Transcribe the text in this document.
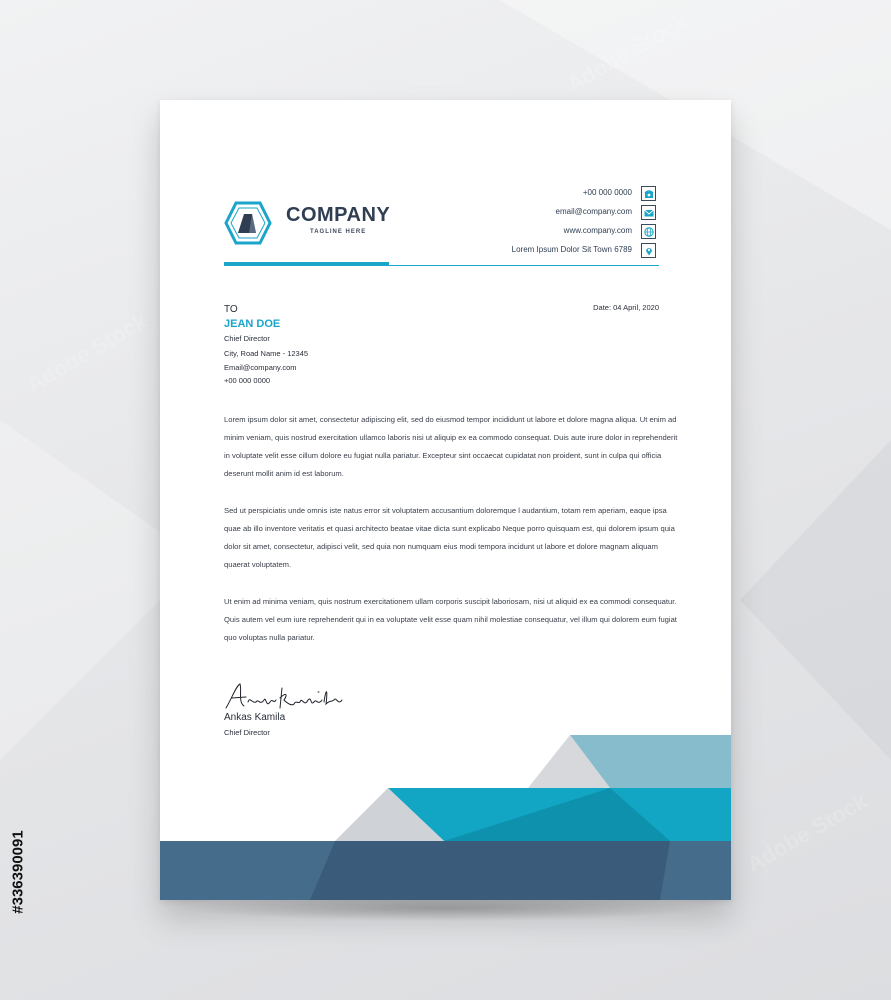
Adobe Stock
Adobe Stock
Adobe Stock
COMPANY
TAGLINE HERE
+00 000 0000
email@company.com
www.company.com
Lorem Ipsum Dolor Sit Town 6789
TO
JEAN DOE
Chief Director
City, Road Name - 12345
Email@company.com
+00 000 0000
Date: 04 April, 2020
Lorem ipsum dolor sit amet, consectetur adipiscing elit, sed do eiusmod tempor incididunt ut labore et dolore magna aliqua. Ut enim ad minim veniam, quis nostrud exercitation ullamco laboris nisi ut aliquip ex ea commodo consequat. Duis aute irure dolor in reprehenderit in voluptate velit esse cillum dolore eu fugiat nulla pariatur. Excepteur sint occaecat cupidatat non proident, sunt in culpa qui officia deserunt mollit anim id est laborum.
Sed ut perspiciatis unde omnis iste natus error sit voluptatem accusantium doloremque l audantium, totam rem aperiam, eaque ipsa quae ab illo inventore veritatis et quasi architecto beatae vitae dicta sunt explicabo Neque porro quisquam est, qui dolorem ipsum quia dolor sit amet, consectetur, adipisci velit, sed quia non numquam eius modi tempora incidunt ut labore et dolore magnam aliquam quaerat voluptatem.
Ut enim ad minima veniam, quis nostrum exercitationem ullam corporis suscipit laboriosam, nisi ut aliquid ex ea commodi consequatur. Quis autem vel eum iure reprehenderit qui in ea voluptate velit esse quam nihil molestiae consequatur, vel illum qui dolorem eum fugiat quo voluptas nulla pariatur.
Ankas Kamila
Chief Director
#336390091
